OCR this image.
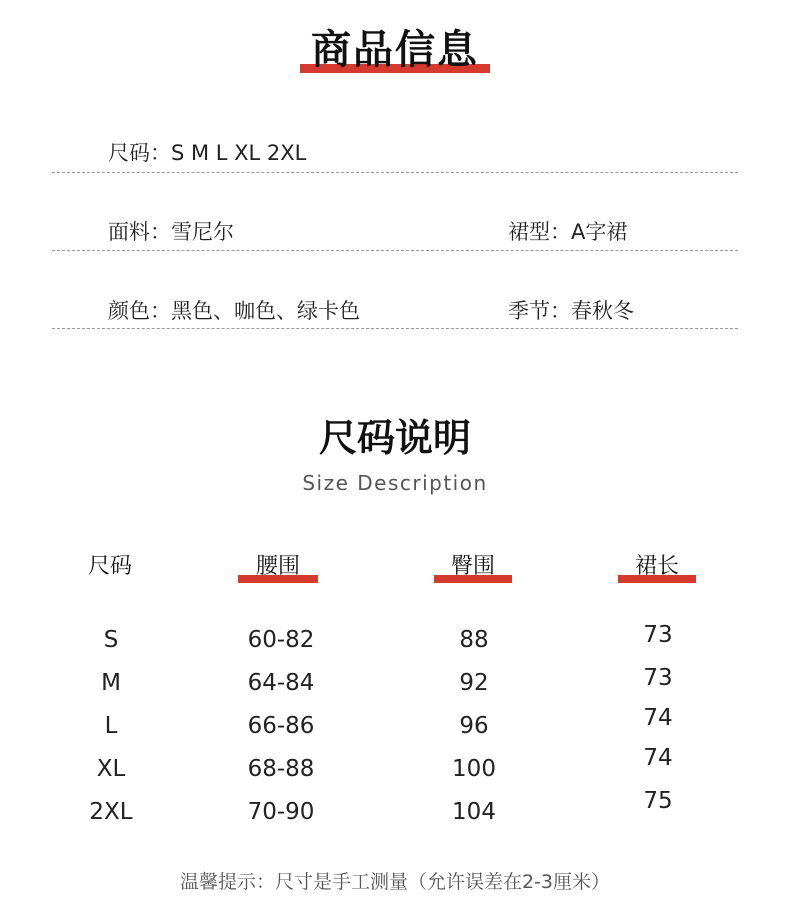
商品信息
尺码：S M L XL 2XL
面料：雪尼尔	裙型：A字裙
颜色：黑色、咖色、绿卡色	季节：春秋冬
尺码说明
Size Description
尺码	腰围	臀围	裙长
S	60-82	88	73
M	64-84	92	73
L	66-86	96	74
XL	68-88	100	74
2XL	70-90	104	75
温馨提示：尺寸是手工测量（允许误差在2-3厘米）
